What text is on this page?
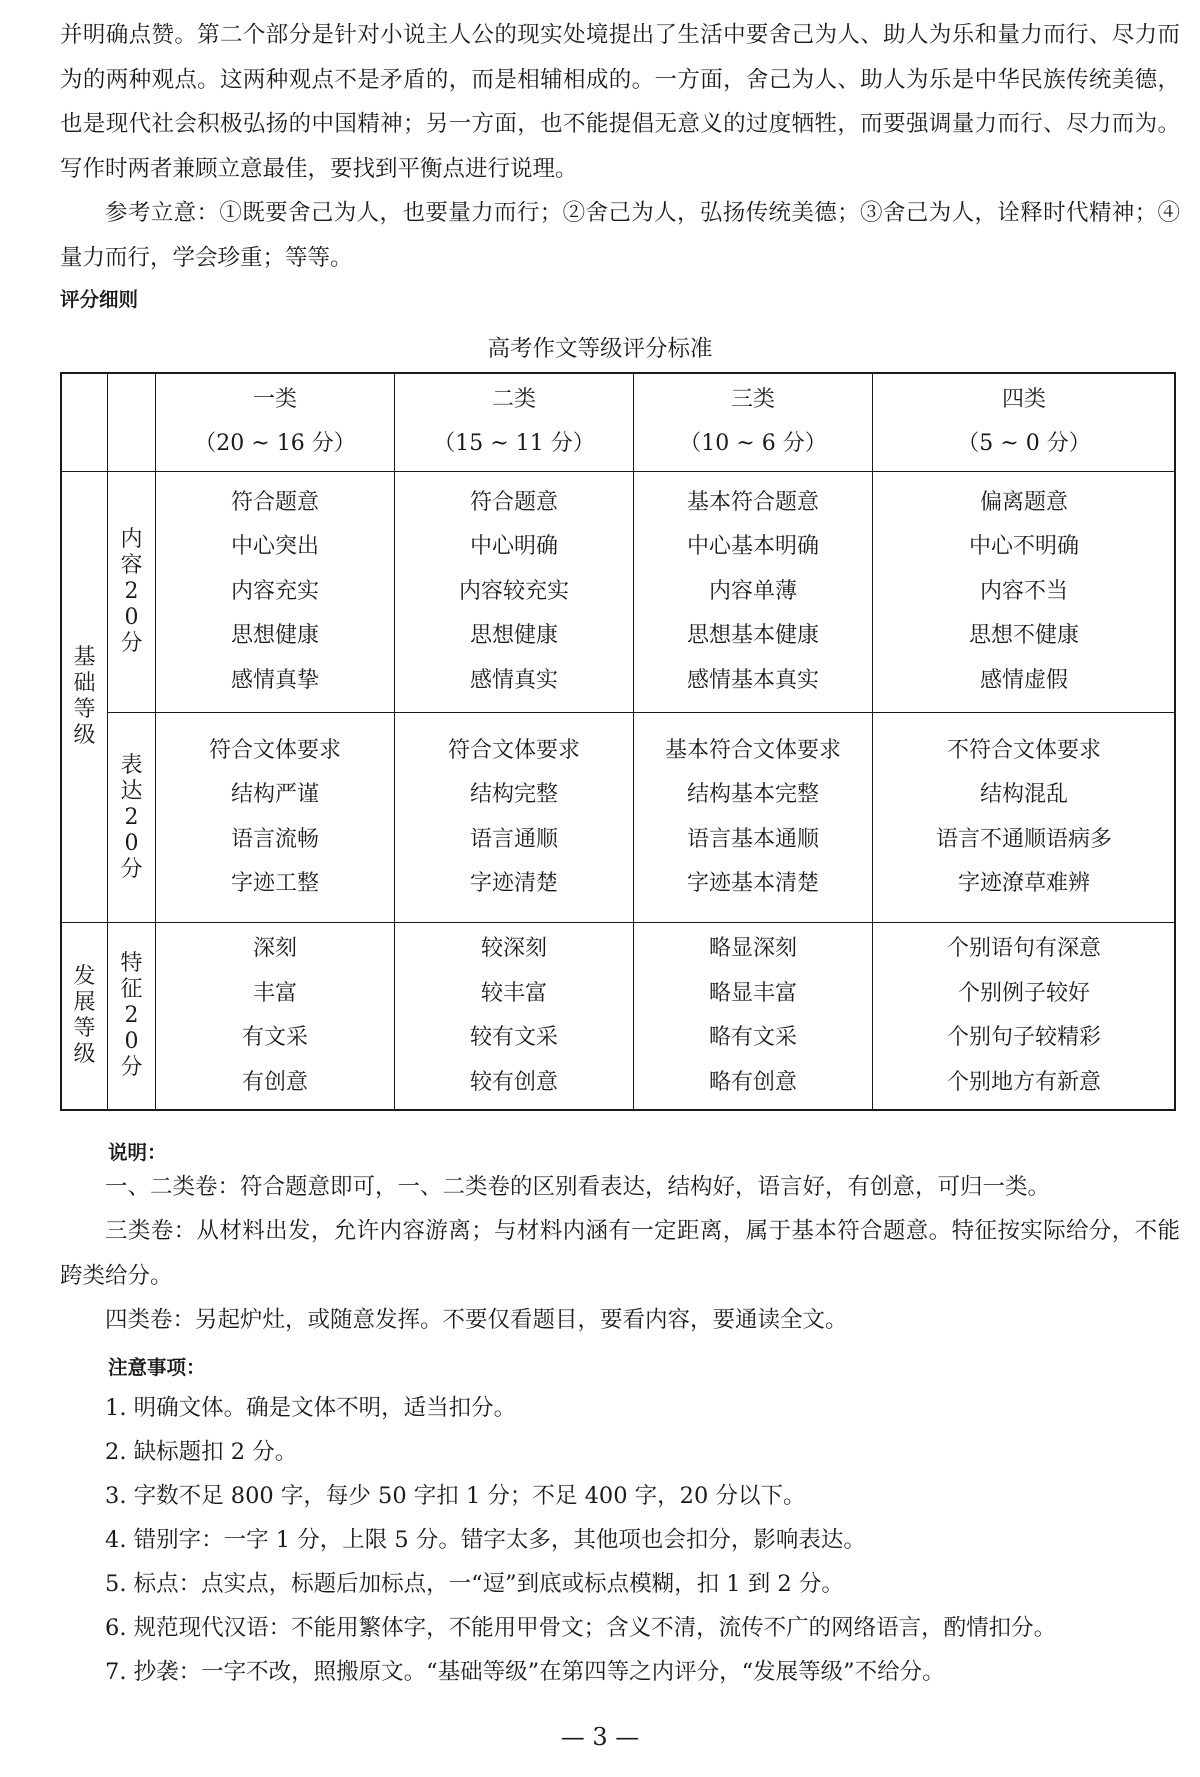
并明确点赞。第二个部分是针对小说主人公的现实处境提出了生活中要舍己为人、助人为乐和量力而行、尽力而为的两种观点。这两种观点不是矛盾的，而是相辅相成的。一方面，舍己为人、助人为乐是中华民族传统美德，也是现代社会积极弘扬的中国精神；另一方面，也不能提倡无意义的过度牺牲，而要强调量力而行、尽力而为。写作时两者兼顾立意最佳，要找到平衡点进行说理。
参考立意：①既要舍己为人，也要量力而行；②舍己为人，弘扬传统美德；③舍己为人，诠释时代精神；④量力而行，学会珍重；等等。
评分细则
高考作文等级评分标准
一类
（20 ~ 16 分）
二类
（15 ~ 11 分）
三类
（10 ~ 6 分）
四类
（5 ~ 0 分）
基础等级
发展等级
内容
20
分
表达
20
分
特征
20
分
符合题意
中心突出
内容充实
思想健康
感情真挚
符合题意
中心明确
内容较充实
思想健康
感情真实
基本符合题意
中心基本明确
内容单薄
思想基本健康
感情基本真实
偏离题意
中心不明确
内容不当
思想不健康
感情虚假
符合文体要求
结构严谨
语言流畅
字迹工整
符合文体要求
结构完整
语言通顺
字迹清楚
基本符合文体要求
结构基本完整
语言基本通顺
字迹基本清楚
不符合文体要求
结构混乱
语言不通顺语病多
字迹潦草难辨
深刻
丰富
有文采
有创意
较深刻
较丰富
较有文采
较有创意
略显深刻
略显丰富
略有文采
略有创意
个别语句有深意
个别例子较好
个别句子较精彩
个别地方有新意
说明：
一、二类卷：符合题意即可，一、二类卷的区别看表达，结构好，语言好，有创意，可归一类。
三类卷：从材料出发，允许内容游离；与材料内涵有一定距离，属于基本符合题意。特征按实际给分，不能跨类给分。
四类卷：另起炉灶，或随意发挥。不要仅看题目，要看内容，要通读全文。
注意事项：
1. 明确文体。确是文体不明，适当扣分。
2. 缺标题扣 2 分。
3. 字数不足 800 字，每少 50 字扣 1 分；不足 400 字，20 分以下。
4. 错别字：一字 1 分，上限 5 分。错字太多，其他项也会扣分，影响表达。
5. 标点：点实点，标题后加标点，一“逗”到底或标点模糊，扣 1 到 2 分。
6. 规范现代汉语：不能用繁体字，不能用甲骨文；含义不清，流传不广的网络语言，酌情扣分。
7. 抄袭：一字不改，照搬原文。“基础等级”在第四等之内评分，“发展等级”不给分。
— 3 —
